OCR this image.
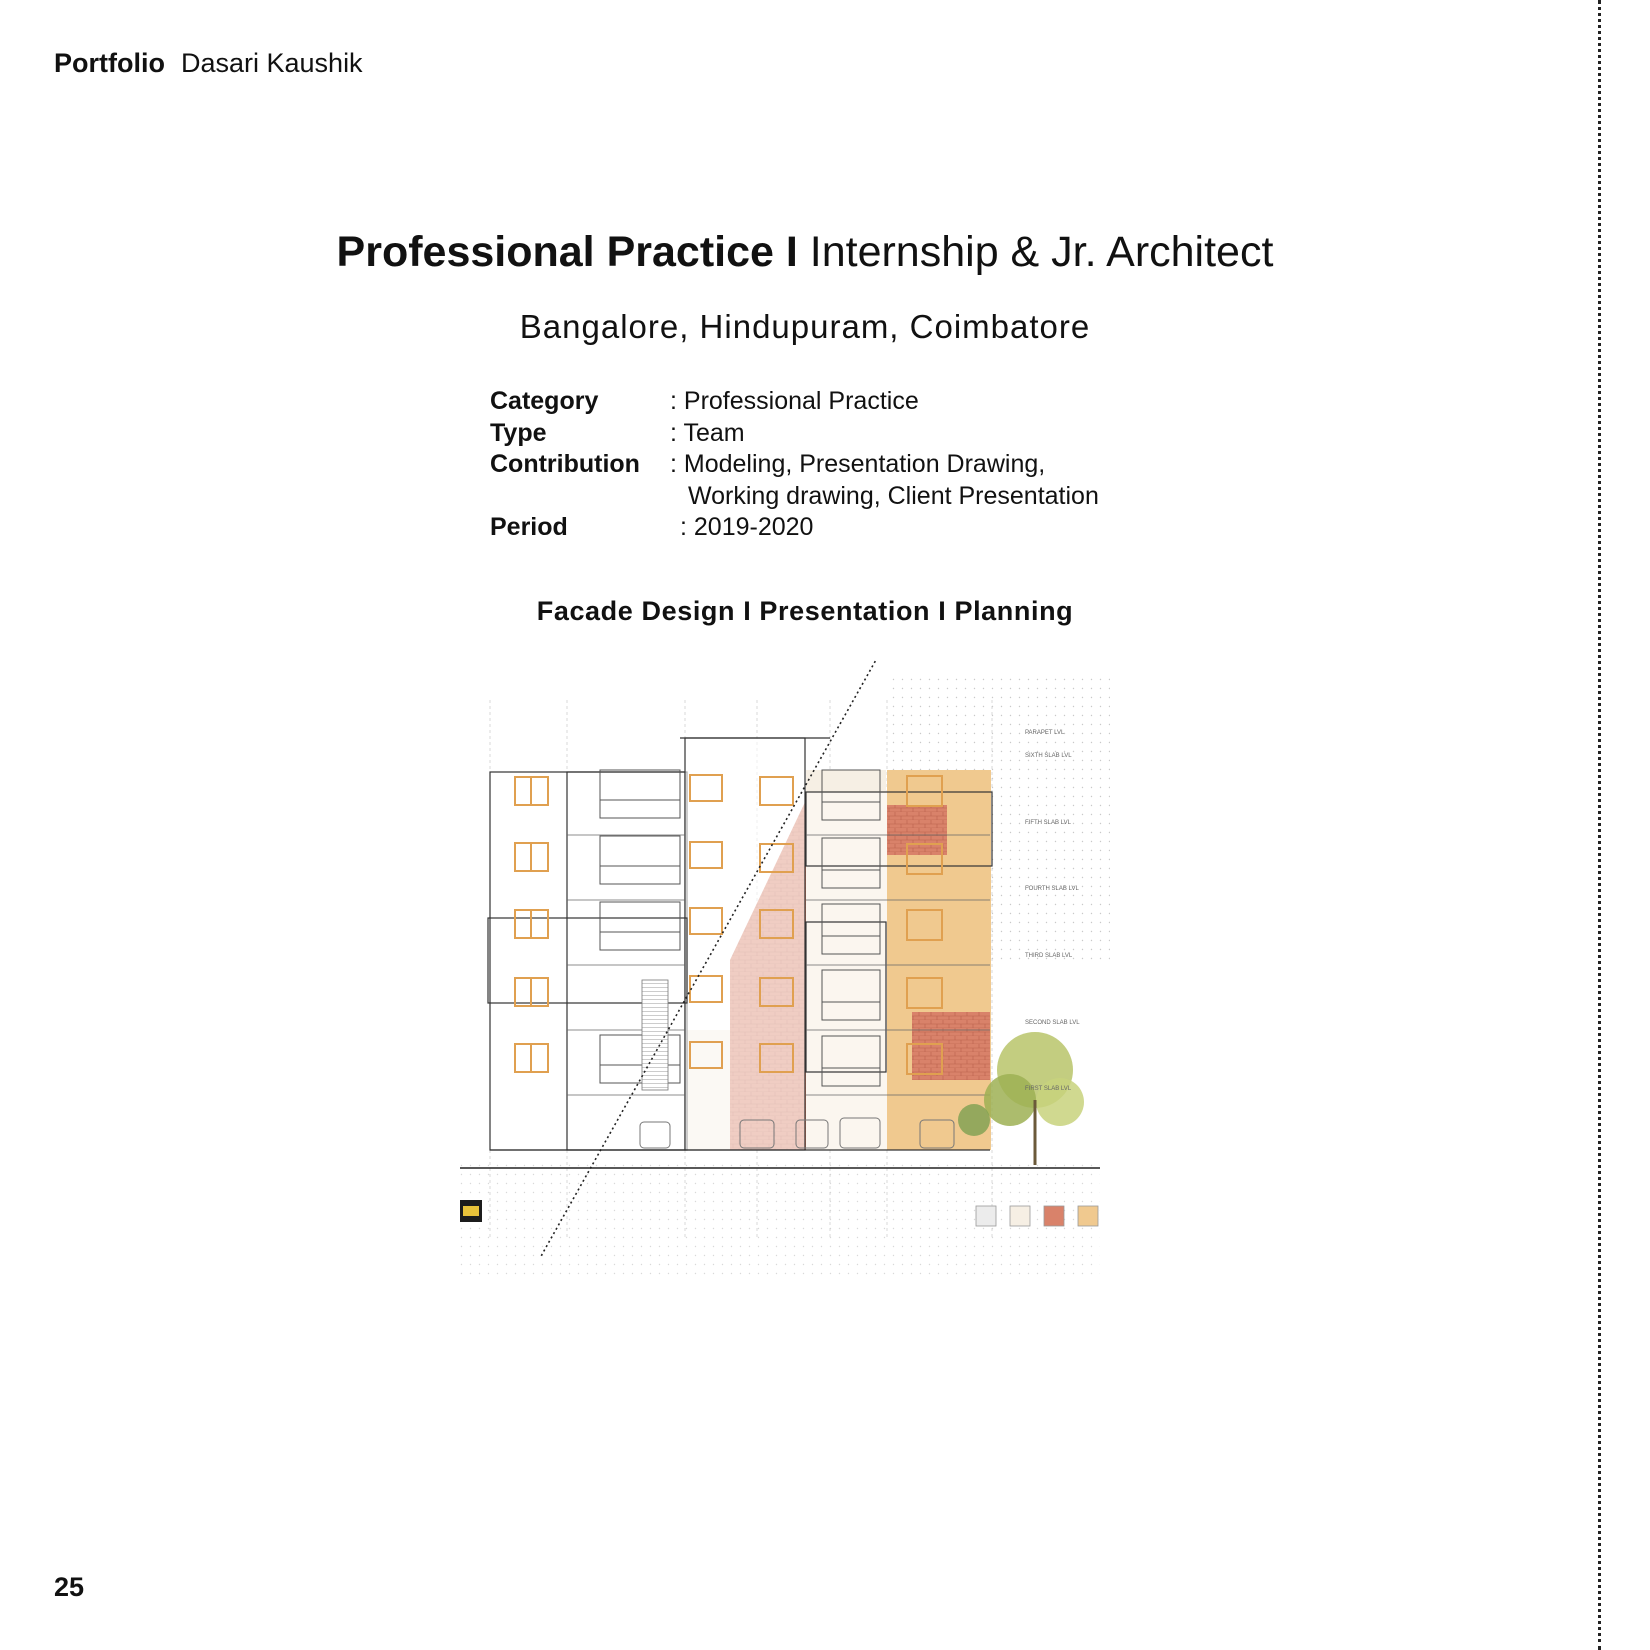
Portfolio Dasari Kaushik
Professional Practice I Internship & Jr. Architect
Bangalore, Hindupuram, Coimbatore
Category	: Professional Practice
Type	: Team
Contribution	: Modeling, Presentation Drawing,
Working drawing, Client Presentation
Period	: 2019-2020
Facade Design I Presentation I Planning
PARAPET LVL
SIXTH SLAB LVL
FIFTH SLAB LVL
FOURTH SLAB LVL
THIRD SLAB LVL
SECOND SLAB LVL
FIRST SLAB LVL
25
